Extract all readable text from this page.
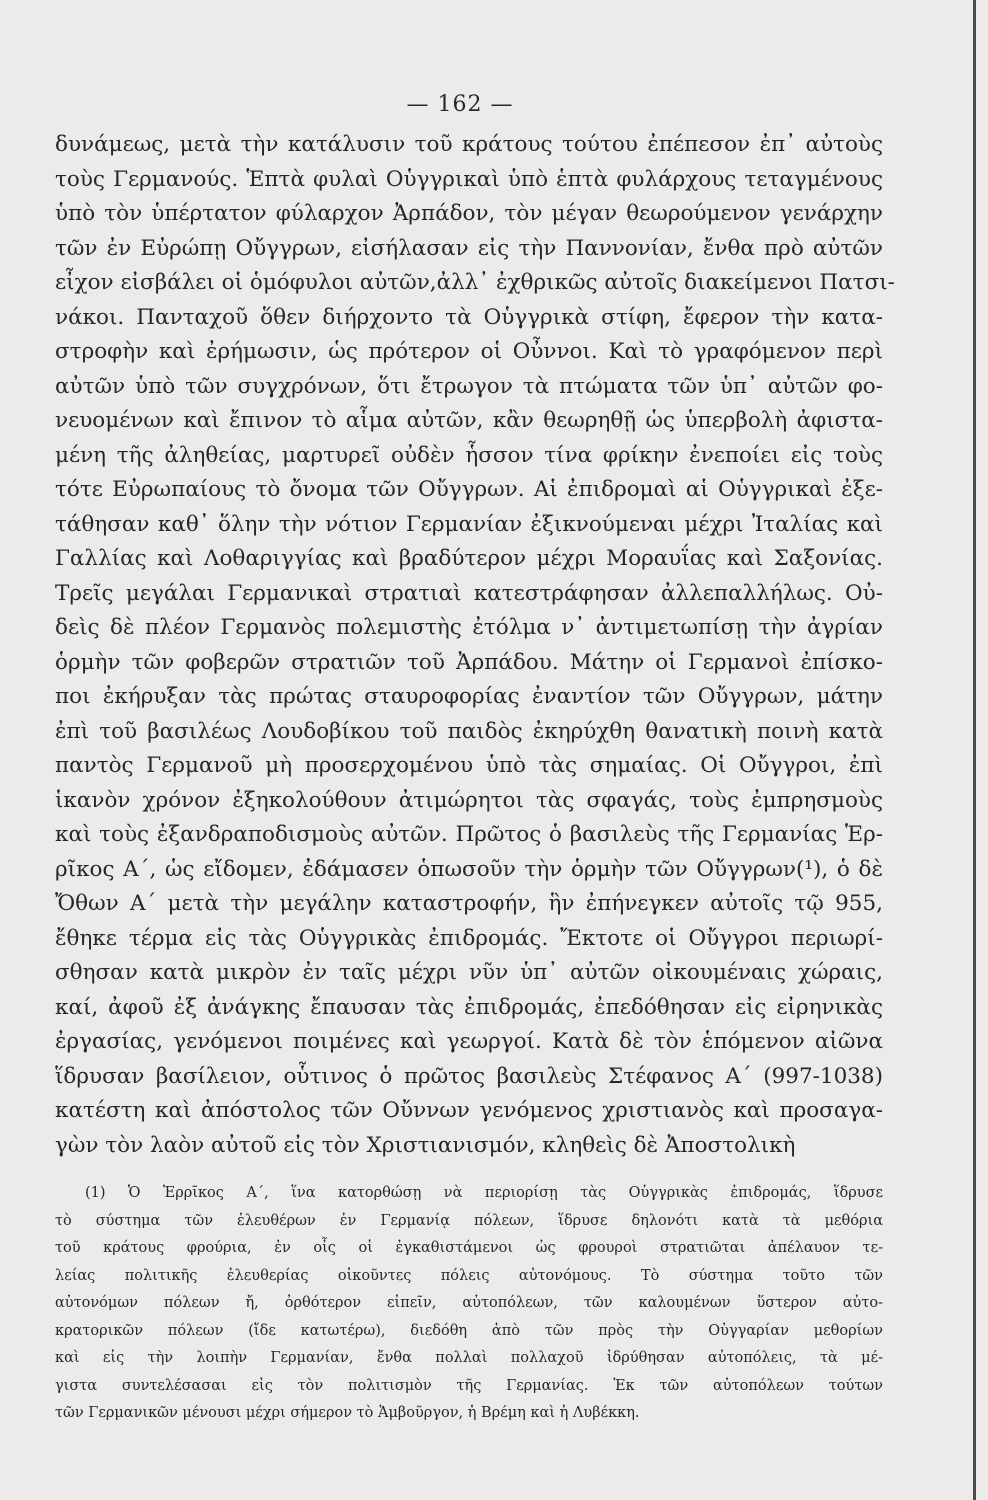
— 162 —
δυνάμεως, μετὰ τὴν κατάλυσιν τοῦ κράτους τούτου ἐπέπεσον ἐπ᾽ αὐτοὺς
τοὺς Γερμανούς. Ἑπτὰ φυλαὶ Οὑγγρικαὶ ὑπὸ ἑπτὰ φυλάρχους τεταγμένους
ὑπὸ τὸν ὑπέρτατον φύλαρχον Ἀρπάδον, τὸν μέγαν θεωρούμενον γενάρχην
τῶν ἐν Εὐρώπῃ Οὔγγρων, εἰσήλασαν εἰς τὴν Παννονίαν, ἔνθα πρὸ αὐτῶν
εἶχον εἰσβάλει οἱ ὁμόφυλοι αὐτῶν,ἀλλ᾽ ἐχθρικῶς αὐτοῖς διακείμενοι Πατσι-
νάκοι. Πανταχοῦ ὅθεν διήρχοντο τὰ Οὑγγρικὰ στίφη, ἔφερον τὴν κατα-
στροφὴν καὶ ἐρήμωσιν, ὡς πρότερον οἱ Οὖννοι. Καὶ τὸ γραφόμενον περὶ
αὐτῶν ὑπὸ τῶν συγχρόνων, ὅτι ἔτρωγον τὰ πτώματα τῶν ὑπ᾽ αὐτῶν φο-
νευομένων καὶ ἔπινον τὸ αἷμα αὐτῶν, κἂν θεωρηθῇ ὡς ὑπερβολὴ ἀφιστα-
μένη τῆς ἀληθείας, μαρτυρεῖ οὐδὲν ἧσσον τίνα φρίκην ἐνεποίει εἰς τοὺς
τότε Εὐρωπαίους τὸ ὄνομα τῶν Οὔγγρων. Αἱ ἐπιδρομαὶ αἱ Οὑγγρικαὶ ἐξε-
τάθησαν καθ᾽ ὅλην τὴν νότιον Γερμανίαν ἐξικνούμεναι μέχρι Ἰταλίας καὶ
Γαλλίας καὶ Λοθαριγγίας καὶ βραδύτερον μέχρι Μοραυΐας καὶ Σαξονίας.
Τρεῖς μεγάλαι Γερμανικαὶ στρατιαὶ κατεστράφησαν ἀλλεπαλλήλως. Οὐ-
δεὶς δὲ πλέον Γερμανὸς πολεμιστὴς ἐτόλμα ν᾽ ἀντιμετωπίσῃ τὴν ἀγρίαν
ὁρμὴν τῶν φοβερῶν στρατιῶν τοῦ Ἀρπάδου. Μάτην οἱ Γερμανοὶ ἐπίσκο-
ποι ἐκήρυξαν τὰς πρώτας σταυροφορίας ἐναντίον τῶν Οὔγγρων, μάτην
ἐπὶ τοῦ βασιλέως Λουδοβίκου τοῦ παιδὸς ἐκηρύχθη θανατικὴ ποινὴ κατὰ
παντὸς Γερμανοῦ μὴ προσερχομένου ὑπὸ τὰς σημαίας. Οἱ Οὔγγροι, ἐπὶ
ἱκανὸν χρόνον ἐξηκολούθουν ἀτιμώρητοι τὰς σφαγάς, τοὺς ἐμπρησμοὺς
καὶ τοὺς ἐξανδραποδισμοὺς αὐτῶν. Πρῶτος ὁ βασιλεὺς τῆς Γερμανίας Ἑρ-
ρῖκος Α΄, ὡς εἴδομεν, ἐδάμασεν ὁπωσοῦν τὴν ὁρμὴν τῶν Οὔγγρων(¹), ὁ δὲ
Ὄθων Α΄ μετὰ τὴν μεγάλην καταστροφήν, ἣν ἐπήνεγκεν αὐτοῖς τῷ 955,
ἔθηκε τέρμα εἰς τὰς Οὑγγρικὰς ἐπιδρομάς. Ἔκτοτε οἱ Οὔγγροι περιωρί-
σθησαν κατὰ μικρὸν ἐν ταῖς μέχρι νῦν ὑπ᾽ αὐτῶν οἰκουμέναις χώραις,
καί, ἀφοῦ ἐξ ἀνάγκης ἔπαυσαν τὰς ἐπιδρομάς, ἐπεδόθησαν εἰς εἰρηνικὰς
ἐργασίας, γενόμενοι ποιμένες καὶ γεωργοί. Κατὰ δὲ τὸν ἑπόμενον αἰῶνα
ἵδρυσαν βασίλειον, οὗτινος ὁ πρῶτος βασιλεὺς Στέφανος Α΄ (997-1038)
κατέστη καὶ ἀπόστολος τῶν Οὔννων γενόμενος χριστιανὸς καὶ προσαγα-
γὼν τὸν λαὸν αὐτοῦ εἰς τὸν Χριστιανισμόν, κληθεὶς δὲ Ἀποστολικὴ
(1) Ὁ Ἑρρῖκος Α΄, ἵνα κατορθώσῃ νὰ περιορίσῃ τὰς Οὑγγρικὰς ἐπιδρομάς, ἵδρυσε
τὸ σύστημα τῶν ἐλευθέρων ἐν Γερμανίᾳ πόλεων, ἵδρυσε δηλονότι κατὰ τὰ μεθόρια
τοῦ κράτους φρούρια, ἐν οἷς οἱ ἐγκαθιστάμενοι ὡς φρουροὶ στρατιῶται ἀπέλαυον τε-
λείας πολιτικῆς ἐλευθερίας οἰκοῦντες πόλεις αὐτονόμους. Τὸ σύστημα τοῦτο τῶν
αὐτονόμων πόλεων ἤ, ὀρθότερον εἰπεῖν, αὐτοπόλεων, τῶν καλουμένων ὕστερον αὐτο-
κρατορικῶν πόλεων (ἴδε κατωτέρω), διεδόθη ἀπὸ τῶν πρὸς τὴν Οὑγγαρίαν μεθορίων
καὶ εἰς τὴν λοιπὴν Γερμανίαν, ἔνθα πολλαὶ πολλαχοῦ ἱδρύθησαν αὐτοπόλεις, τὰ μέ-
γιστα συντελέσασαι εἰς τὸν πολιτισμὸν τῆς Γερμανίας. Ἐκ τῶν αὐτοπόλεων τούτων
τῶν Γερμανικῶν μένουσι μέχρι σήμερον τὸ Ἁμβοῦργον, ἡ Βρέμη καὶ ἡ Λυβέκκη.
